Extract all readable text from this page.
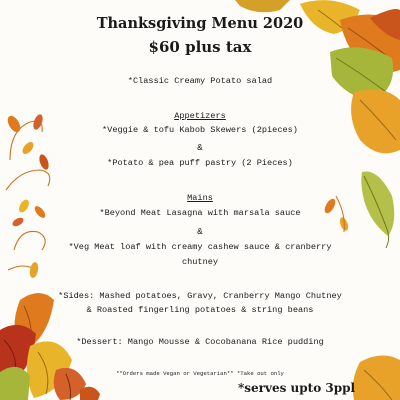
Thanksgiving Menu 2020
$60 plus tax
*Classic Creamy Potato salad
Appetizers
*Veggie & tofu Kabob Skewers (2pieces)
&
*Potato & pea puff pastry (2 Pieces)
Mains
*Beyond Meat Lasagna with marsala sauce
&
*Veg Meat loaf with creamy cashew sauce & cranberry
chutney
*Sides: Mashed potatoes, Gravy, Cranberry Mango Chutney
& Roasted fingerling potatoes & string beans
*Dessert: Mango Mousse & Cocobanana Rice pudding
**Orders made Vegan or Vegetarian** *Take out only
*serves upto 3ppl
